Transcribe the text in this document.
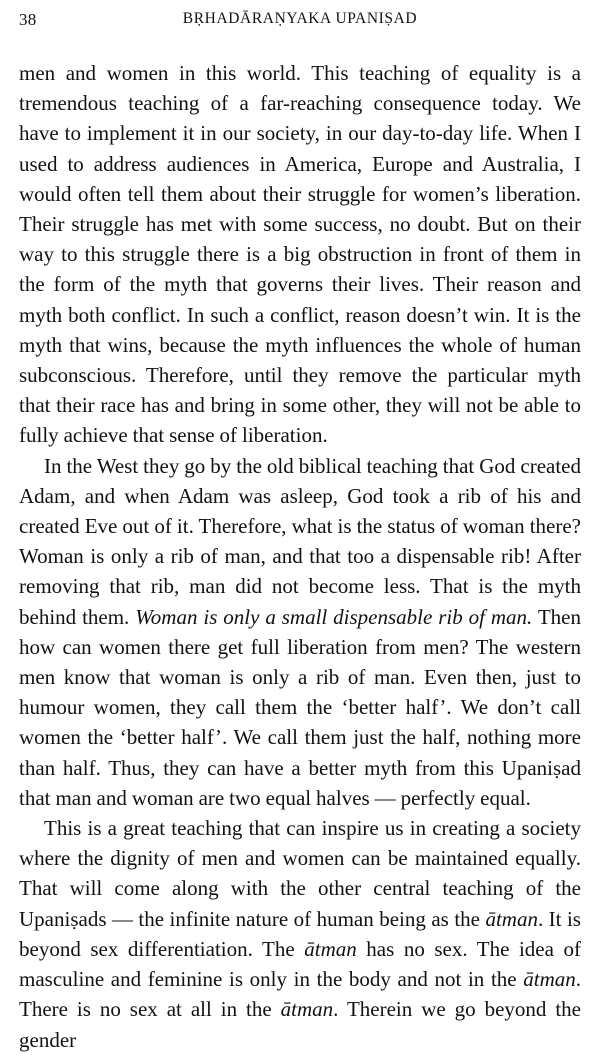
38	BṚHADĀRAṆYAKA UPANIṢAD

men and women in this world. This teaching of equality is a tremendous teaching of a far-reaching consequence today. We have to implement it in our society, in our day-to-day life. When I used to address audiences in America, Europe and Australia, I would often tell them about their struggle for women’s liberation. Their struggle has met with some success, no doubt. But on their way to this struggle there is a big obstruction in front of them in the form of the myth that governs their lives. Their reason and myth both conflict. In such a conflict, reason doesn’t win. It is the myth that wins, because the myth influences the whole of human subconscious. Therefore, until they remove the particular myth that their race has and bring in some other, they will not be able to fully achieve that sense of liberation.

In the West they go by the old biblical teaching that God created Adam, and when Adam was asleep, God took a rib of his and created Eve out of it. Therefore, what is the status of woman there? Woman is only a rib of man, and that too a dispensable rib! After removing that rib, man did not become less. That is the myth behind them. Woman is only a small dispensable rib of man. Then how can women there get full liberation from men? The western men know that woman is only a rib of man. Even then, just to humour women, they call them the ‘better half’. We don’t call women the ‘better half’. We call them just the half, nothing more than half. Thus, they can have a better myth from this Upaniṣad that man and woman are two equal halves — perfectly equal.

This is a great teaching that can inspire us in creating a society where the dignity of men and women can be maintained equally. That will come along with the other central teaching of the Upaniṣads — the infinite nature of human being as the ātman. It is beyond sex differentiation. The ātman has no sex. The idea of masculine and feminine is only in the body and not in the ātman. There is no sex at all in the ātman. Therein we go beyond the gender
